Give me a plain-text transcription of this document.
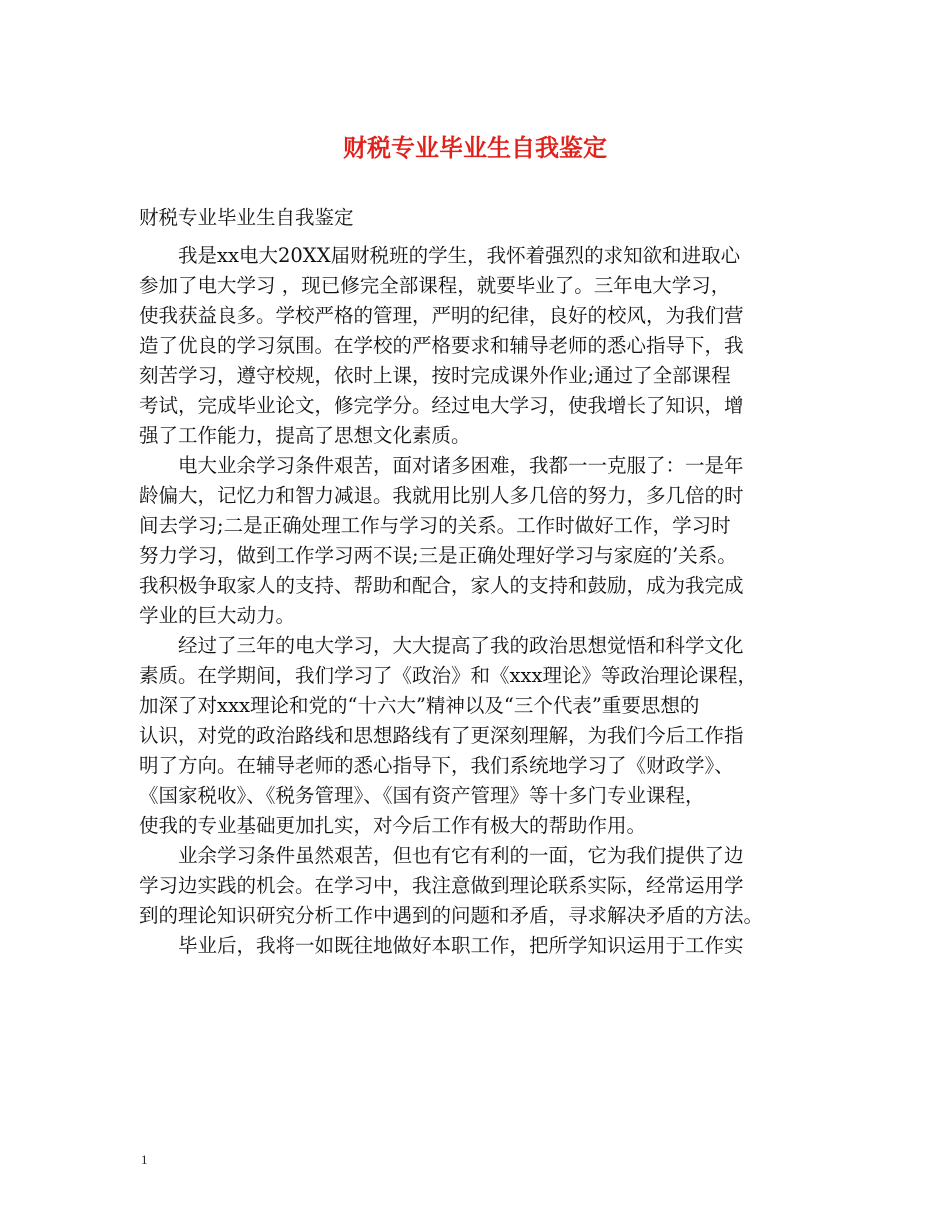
财税专业毕业生自我鉴定
财税专业毕业生自我鉴定

我是xx电大20XX届财税班的学生，我怀着强烈的求知欲和进取心
参加了电大学习 ，现已修完全部课程，就要毕业了。三年电大学习，
使我获益良多。学校严格的管理，严明的纪律，良好的校风，为我们营
造了优良的学习氛围。在学校的严格要求和辅导老师的悉心指导下，我
刻苦学习，遵守校规，依时上课，按时完成课外作业;通过了全部课程
考试，完成毕业论文，修完学分。经过电大学习，使我增长了知识，增
强了工作能力，提高了思想文化素质。

电大业余学习条件艰苦，面对诸多困难，我都一一克服了：一是年
龄偏大，记忆力和智力减退。我就用比别人多几倍的努力，多几倍的时
间去学习;二是正确处理工作与学习的关系。工作时做好工作，学习时
努力学习，做到工作学习两不误;三是正确处理好学习与家庭的’关系。
我积极争取家人的支持、帮助和配合，家人的支持和鼓励，成为我完成
学业的巨大动力。

经过了三年的电大学习，大大提高了我的政治思想觉悟和科学文化
素质。在学期间，我们学习了《政治》和《xxx理论》等政治理论课程，
加深了对xxx理论和党的“十六大”精神以及“三个代表”重要思想的
认识，对党的政治路线和思想路线有了更深刻理解，为我们今后工作指
明了方向。在辅导老师的悉心指导下，我们系统地学习了《财政学》、
《国家税收》、《税务管理》、《国有资产管理》等十多门专业课程，
使我的专业基础更加扎实，对今后工作有极大的帮助作用。

业余学习条件虽然艰苦，但也有它有利的一面，它为我们提供了边
学习边实践的机会。在学习中，我注意做到理论联系实际，经常运用学
到的理论知识研究分析工作中遇到的问题和矛盾，寻求解决矛盾的方法。

毕业后，我将一如既往地做好本职工作，把所学知识运用于工作实

1
